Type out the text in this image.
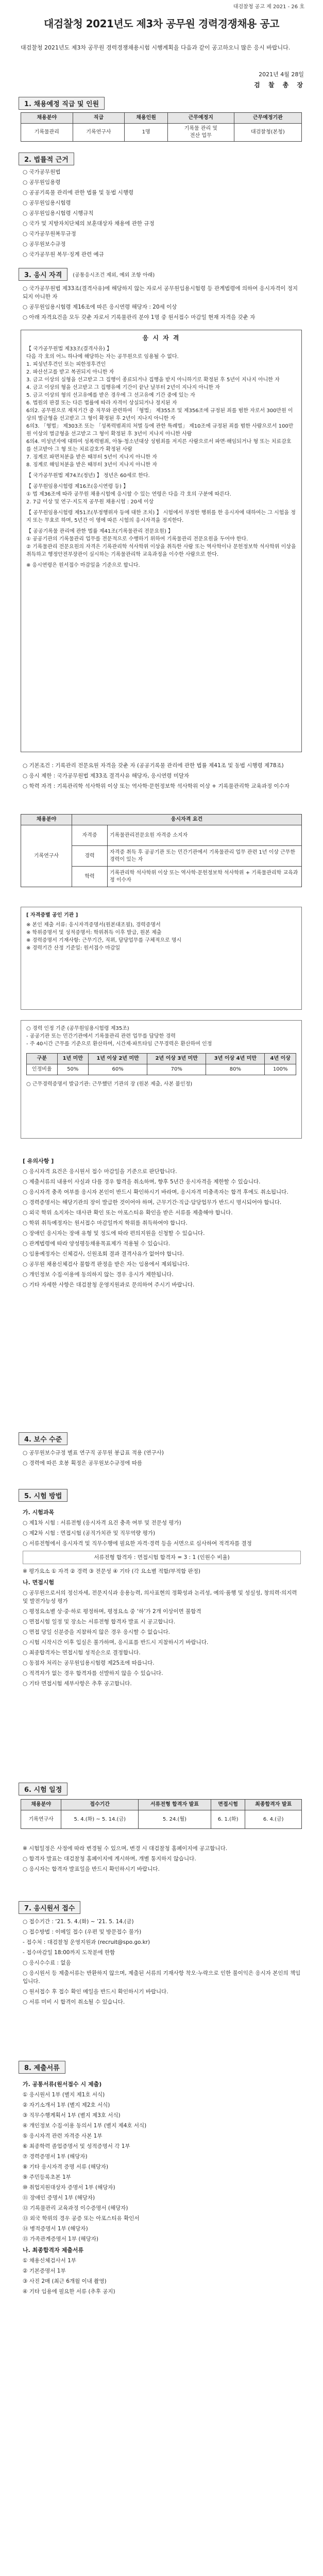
대검찰청 공고 제 2021 - 26 호
대검찰청 2021년도 제3차 공무원 경력경쟁채용 공고
대검찰청 2021년도 제3차 공무원 경력경쟁채용시험 시행계획을 다음과 같이 공고하오니 많은 응시 바랍니다.
2021년 4월 28일
검 찰 총 장
1. 채용예정 직급 및 인원
채용분야	직급	채용인원	근무예정지	근무예정기관
기록물관리	기록연구사	1명	기록물 관리 및
전산 업무	대검찰청(본청)
2. 법률적 근거
○ 국가공무원법
○ 공무원임용령
○ 공공기록물 관리에 관한 법률 및 동법 시행령
○ 공무원임용시험령
○ 공무원임용시험령 시행규칙
○ 국가 및 지방자치단체의 보훈대상자 채용에 관한 규정
○ 국가공무원복무규정
○ 공무원보수규정
○ 국가공무원 복무·징계 관련 예규
3. 응시 자격	(공통응시조건 제외, 예외 조항 아래)
○ 국가공무원법 제33조(결격사유)에 해당하지 않는 자로서 공무원임용시험령 등 관계법령에 의하여 응시자격이 정지되지 아니한 자
○ 공무원임용시험령 제16조에 따른 응시연령 해당자 : 20세 이상
○ 아래 자격요건을 모두 갖춘 자로서 기록물관리 분야 1명 중 원서접수 마감일 현재 자격을 갖춘 자
응 시 자 격
【 국가공무원법 제33조(결격사유) 】
다음 각 호의 어느 하나에 해당하는 자는 공무원으로 임용될 수 없다.
1. 피성년후견인 또는 피한정후견인
2. 파산선고를 받고 복권되지 아니한 자
3. 금고 이상의 실형을 선고받고 그 집행이 종료되거나 집행을 받지 아니하기로 확정된 후 5년이 지나지 아니한 자
4. 금고 이상의 형을 선고받고 그 집행유예 기간이 끝난 날부터 2년이 지나지 아니한 자
5. 금고 이상의 형의 선고유예를 받은 경우에 그 선고유예 기간 중에 있는 자
6. 법원의 판결 또는 다른 법률에 따라 자격이 상실되거나 정지된 자
6의2. 공무원으로 재직기간 중 직무와 관련하여 「형법」 제355조 및 제356조에 규정된 죄를 범한 자로서 300만원 이상의 벌금형을 선고받고 그 형이 확정된 후 2년이 지나지 아니한 자
6의3. 「형법」 제303조 또는 「성폭력범죄의 처벌 등에 관한 특례법」 제10조에 규정된 죄를 범한 사람으로서 100만원 이상의 벌금형을 선고받고 그 형이 확정된 후 3년이 지나지 아니한 사람
6의4. 미성년자에 대하여 성폭력범죄, 아동·청소년대상 성범죄를 저지른 사람으로서 파면·해임되거나 형 또는 치료감호를 선고받아 그 형 또는 치료감호가 확정된 사람
7. 징계로 파면처분을 받은 때부터 5년이 지나지 아니한 자
8. 징계로 해임처분을 받은 때부터 3년이 지나지 아니한 자
【 국가공무원법 제74조(정년) 】 정년은 60세로 한다.
【 공무원임용시험령 제16조(응시연령 등) 】
① 법 제36조에 따라 공무원 채용시험에 응시할 수 있는 연령은 다음 각 호의 구분에 따른다.
2. 7급 이상 및 연구·지도직 공무원 채용시험 : 20세 이상
【 공무원임용시험령 제51조(부정행위자 등에 대한 조치) 】 시험에서 부정한 행위를 한 응시자에 대하여는 그 시험을 정지 또는 무효로 하며, 5년간 이 영에 따른 시험의 응시자격을 정지한다.
【 공공기록물 관리에 관한 법률 제41조(기록물관리 전문요원) 】
① 공공기관의 기록물관리 업무를 전문적으로 수행하기 위하여 기록물관리 전문요원을 두어야 한다.
② 기록물관리 전문요원의 자격은 기록관리학 석사학위 이상을 취득한 사람 또는 역사학이나 문헌정보학 석사학위 이상을 취득하고 행정안전부장관이 실시하는 기록물관리학 교육과정을 이수한 사람으로 한다.
※ 응시연령은 원서접수 마감일을 기준으로 합니다.
○ 기본조건 : 기록관리 전문요원 자격을 갖춘 자 (공공기록물 관리에 관한 법률 제41조 및 동법 시행령 제78조)
○ 응시 제한 : 국가공무원법 제33조 결격사유 해당자, 응시연령 미달자
○ 학력 자격 : 기록관리학 석사학위 이상 또는 역사학·문헌정보학 석사학위 이상 + 기록물관리학 교육과정 이수자
채용분야	응시자격 요건	
기록연구사	자격증	기록물관리전문요원 자격증 소지자
	경력	자격증 취득 후 공공기관 또는 민간기관에서 기록물관리 업무 관련 1년 이상 근무한 경력이 있는 자
	학력	기록관리학 석사학위 이상 또는 역사학·문헌정보학 석사학위 + 기록물관리학 교육과정 이수자
[ 자격증별 공인 기관 ]
※ 본인 제출 서류: 응시자격증명서(원본대조필), 경력증명서
※ 학위증명서 및 성적증명서: 학위취득 이후 발급, 원본 제출
※ 경력증명서 기재사항: 근무기간, 직위, 담당업무를 구체적으로 명시
※ 경력기간 산정 기준일: 원서접수 마감일
○ 경력 인정 기준 (공무원임용시험령 제35조)
- 공공기관 또는 민간기관에서 기록물관리 관련 업무를 담당한 경력
- 주 40시간 근무를 기준으로 환산하며, 시간제·파트타임 근무경력은 환산하여 인정
구분	1년 미만	1년 이상 2년 미만	2년 이상 3년 미만	3년 이상 4년 미만	4년 이상
인정비율	50%	60%	70%	80%	100%
○ 근무경력증명서 발급기관: 근무했던 기관의 장 (원본 제출, 사본 불인정)
[ 유의사항 ]
○ 응시자격 요건은 응시원서 접수 마감일을 기준으로 판단합니다.
○ 제출서류의 내용이 사실과 다를 경우 합격을 취소하며, 향후 5년간 응시자격을 제한할 수 있습니다.
○ 응시자격 충족 여부를 응시자 본인이 반드시 확인하시기 바라며, 응시자격 미충족자는 합격 후에도 취소됩니다.
○ 경력증명서는 해당기관의 장이 발급한 것이어야 하며, 근무기간·직급·담당업무가 반드시 명시되어야 합니다.
○ 외국 학위 소지자는 대사관 확인 또는 아포스티유 확인을 받은 서류를 제출해야 합니다.
○ 학위 취득예정자는 원서접수 마감일까지 학위를 취득하여야 합니다.
○ 장애인 응시자는 장애 유형 및 정도에 따라 편의지원을 신청할 수 있습니다.
○ 관계법령에 따라 양성평등채용목표제가 적용될 수 있습니다.
○ 임용예정자는 신체검사, 신원조회 결과 결격사유가 없어야 합니다.
○ 공무원 채용신체검사 불합격 판정을 받은 자는 임용에서 제외됩니다.
○ 개인정보 수집·이용에 동의하지 않는 경우 응시가 제한됩니다.
○ 기타 자세한 사항은 대검찰청 운영지원과로 문의하여 주시기 바랍니다.
4. 보수 수준
○ 공무원보수규정 별표 연구직 공무원 봉급표 적용 (연구사)
○ 경력에 따른 호봉 획정은 공무원보수규정에 따름
5. 시험 방법
가. 시험과목
○ 제1차 시험 : 서류전형 (응시자격 요건 충족 여부 및 전문성 평가)
○ 제2차 시험 : 면접시험 (공직가치관 및 직무역량 평가)
○ 서류전형에서 응시자격 및 직무수행에 필요한 자격·경력 등을 서면으로 심사하여 적격자를 결정
서류전형 합격자 : 면접시험 합격자 = 3 : 1 (인원수 비율)
※ 평가요소 ① 자격 ② 경력 ③ 전문성 ④ 기타 (각 요소별 적합/부적합 판정)
나. 면접시험
○ 공무원으로서의 정신자세, 전문지식과 응용능력, 의사표현의 정확성과 논리성, 예의·품행 및 성실성, 창의력·의지력 및 발전가능성 평가
○ 평정요소별 상·중·하로 평정하며, 평정요소 중 ‘하’가 2개 이상이면 불합격
○ 면접시험 일정 및 장소는 서류전형 합격자 발표 시 공고합니다.
○ 면접 당일 신분증을 지참하지 않은 경우 응시할 수 없습니다.
○ 시험 시작시간 이후 입실은 불가하며, 응시표를 반드시 지참하시기 바랍니다.
○ 최종합격자는 면접시험 성적순으로 결정합니다.
○ 동점자 처리는 공무원임용시험령 제25조에 따릅니다.
○ 적격자가 없는 경우 합격자를 선발하지 않을 수 있습니다.
○ 기타 면접시험 세부사항은 추후 공고합니다.
6. 시험 일정
채용분야	접수기간	서류전형 합격자 발표	면접시험	최종합격자 발표
기록연구사	5. 4.(화) ~ 5. 14.(금)	5. 24.(월)	6. 1.(화)	6. 4.(금)
※ 시험일정은 사정에 따라 변경될 수 있으며, 변경 시 대검찰청 홈페이지에 공고합니다.
○ 합격자 발표는 대검찰청 홈페이지에 게시하며, 개별 통지하지 않습니다.
○ 응시자는 합격자 발표일을 반드시 확인하시기 바랍니다.
7. 응시원서 접수
○ 접수기간 : ‘21. 5. 4.(화) ~ ’21. 5. 14.(금)
○ 접수방법 : 이메일 접수 (우편 및 방문접수 불가)
- 접수처 : 대검찰청 운영지원과 (recruit@spo.go.kr)
- 접수마감일 18:00까지 도착분에 한함
○ 응시수수료 : 없음
○ 응시원서 등 제출서류는 반환하지 않으며, 제출된 서류의 기재사항 착오·누락으로 인한 불이익은 응시자 본인의 책임입니다.
○ 원서접수 후 접수 확인 메일을 반드시 확인하시기 바랍니다.
○ 서류 미비 시 합격이 취소될 수 있습니다.
8. 제출서류
가. 공통서류(원서접수 시 제출)
① 응시원서 1부 (별지 제1호 서식)
② 자기소개서 1부 (별지 제2호 서식)
③ 직무수행계획서 1부 (별지 제3호 서식)
④ 개인정보 수집·이용 동의서 1부 (별지 제4호 서식)
⑤ 응시자격 관련 자격증 사본 1부
⑥ 최종학력 졸업증명서 및 성적증명서 각 1부
⑦ 경력증명서 1부 (해당자)
⑧ 기타 응시자격 증명 서류 (해당자)
⑨ 주민등록초본 1부
⑩ 취업지원대상자 증명서 1부 (해당자)
⑪ 장애인 증명서 1부 (해당자)
⑫ 기록물관리 교육과정 이수증명서 (해당자)
⑬ 외국 학위의 경우 공증 또는 아포스티유 확인서
⑭ 병적증명서 1부 (해당자)
⑮ 가족관계증명서 1부 (해당자)
나. 최종합격자 제출서류
① 채용신체검사서 1부
② 기본증명서 1부
③ 사진 2매 (최근 6개월 이내 촬영)
④ 기타 임용에 필요한 서류 (추후 공지)
